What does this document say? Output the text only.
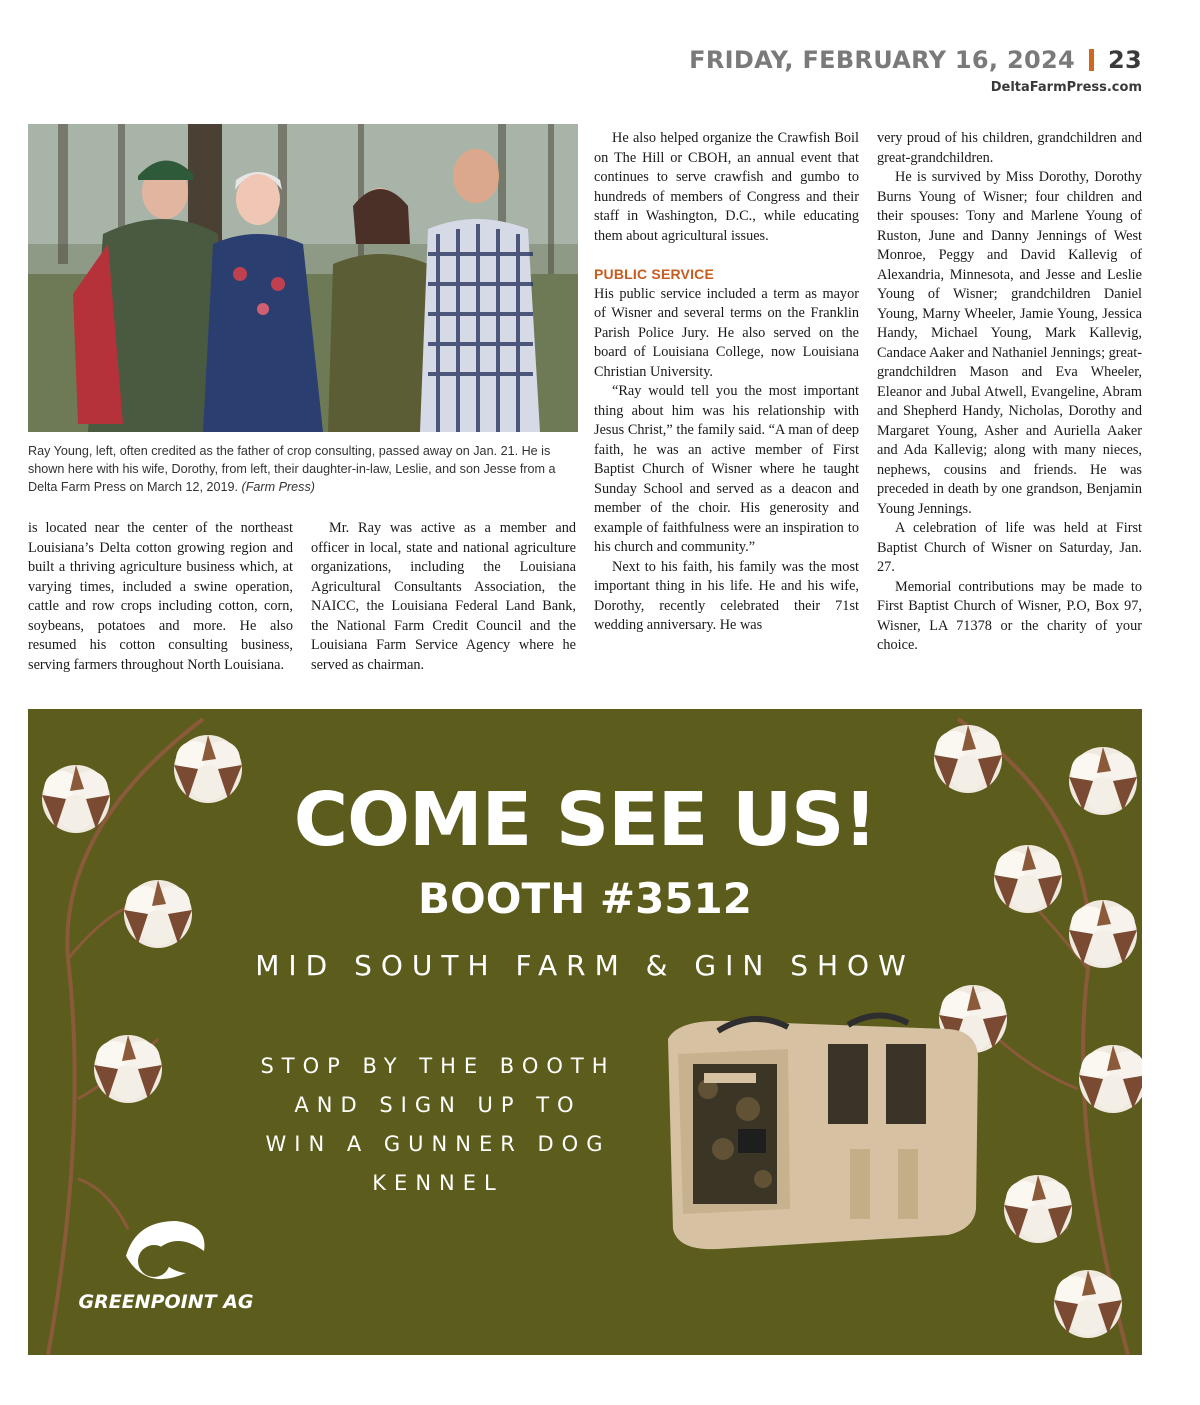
FRIDAY, FEBRUARY 16, 2024 23
DeltaFarmPress.com
Ray Young, left, often credited as the father of crop consulting, passed away on Jan. 21. He is shown here with his wife, Dorothy, from left, their daughter-in-law, Leslie, and son Jesse from a Delta Farm Press on March 12, 2019. (Farm Press)

is located near the center of the northeast Louisiana’s Delta cotton growing region and built a thriving agriculture business which, at varying times, included a swine operation, cattle and row crops including cotton, corn, soybeans, potatoes and more. He also resumed his cotton consulting business, serving farmers throughout North Louisiana.

Mr. Ray was active as a member and officer in local, state and national agriculture organizations, including the Louisiana Agricultural Consultants Association, the NAICC, the Louisiana Federal Land Bank, the National Farm Credit Council and the Louisiana Farm Service Agency where he served as chairman.

He also helped organize the Crawfish Boil on The Hill or CBOH, an annual event that continues to serve crawfish and gumbo to hundreds of members of Congress and their staff in Washington, D.C., while educating them about agricultural issues.

PUBLIC SERVICE

His public service included a term as mayor of Wisner and several terms on the Franklin Parish Police Jury. He also served on the board of Louisiana College, now Louisiana Christian University.

“Ray would tell you the most important thing about him was his relationship with Jesus Christ,” the family said. “A man of deep faith, he was an active member of First Baptist Church of Wisner where he taught Sunday School and served as a deacon and member of the choir. His generosity and example of faithfulness were an inspiration to his church and community.”

Next to his faith, his family was the most important thing in his life. He and his wife, Dorothy, recently celebrated their 71st wedding anniversary. He was

very proud of his children, grandchildren and great-grandchildren.

He is survived by Miss Dorothy, Dorothy Burns Young of Wisner; four children and their spouses: Tony and Marlene Young of Ruston, June and Danny Jennings of West Monroe, Peggy and David Kallevig of Alexandria, Minnesota, and Jesse and Leslie Young of Wisner; grandchildren Daniel Young, Marny Wheeler, Jamie Young, Jessica Handy, Michael Young, Mark Kallevig, Candace Aaker and Nathaniel Jennings; great-grandchildren Mason and Eva Wheeler, Eleanor and Jubal Atwell, Evangeline, Abram and Shepherd Handy, Nicholas, Dorothy and Margaret Young, Asher and Auriella Aaker and Ada Kallevig; along with many nieces, nephews, cousins and friends. He was preceded in death by one grandson, Benjamin Young Jennings.

A celebration of life was held at First Baptist Church of Wisner on Saturday, Jan. 27.

Memorial contributions may be made to First Baptist Church of Wisner, P.O, Box 97, Wisner, LA 71378 or the charity of your choice.

COME SEE US!
BOOTH #3512
MID SOUTH FARM & GIN SHOW
STOP BY THE BOOTH
AND SIGN UP TO
WIN A GUNNER DOG
KENNEL
GREENPOINT AG
